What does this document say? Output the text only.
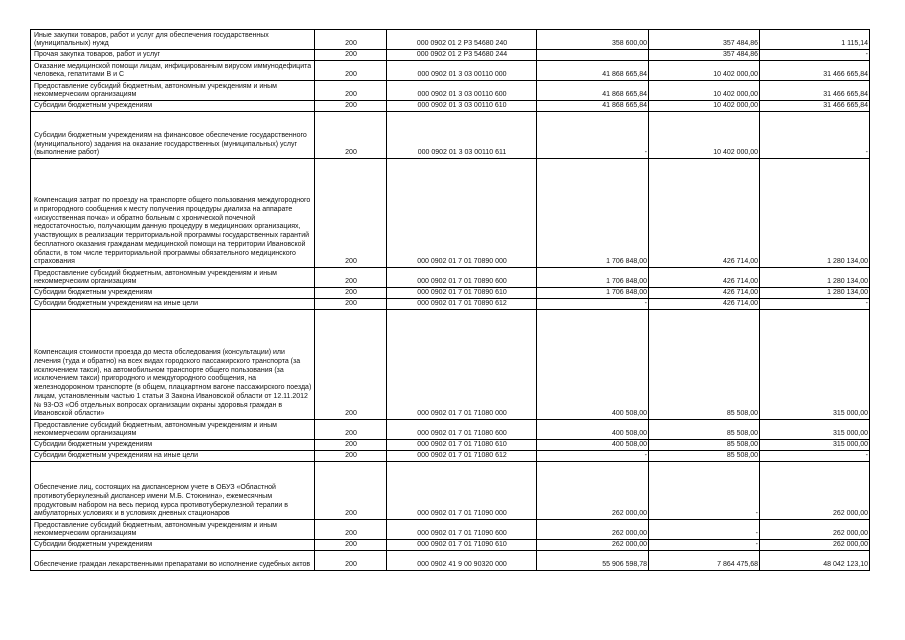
Иные закупки товаров, работ и услуг для обеспечения государственных (муниципальных) нужд	200	000 0902 01 2 P3 54680 240	358 600,00	357 484,86	1 115,14
Прочая закупка товаров, работ и услуг	200	000 0902 01 2 P3 54680 244		357 484,86	-
Оказание медицинской помощи лицам, инфицированным вирусом иммунодефицита человека, гепатитами B и C	200	000 0902 01 3 03 00110 000	41 868 665,84	10 402 000,00	31 466 665,84
Предоставление субсидий бюджетным, автономным учреждениям и иным некоммерческим организациям	200	000 0902 01 3 03 00110 600	41 868 665,84	10 402 000,00	31 466 665,84
Субсидии бюджетным учреждениям	200	000 0902 01 3 03 00110 610	41 868 665,84	10 402 000,00	31 466 665,84
Субсидии бюджетным учреждениям на финансовое обеспечение государственного (муниципального) задания на оказание государственных (муниципальных) услуг (выполнение работ)	200	000 0902 01 3 03 00110 611	-	10 402 000,00	-
Компенсация затрат по проезду на транспорте общего пользования междугородного и пригородного сообщения к месту получения процедуры диализа на аппарате «искусственная почка» и обратно больным с хронической почечной недостаточностью, получающим данную процедуру в медицинских организациях, участвующих в реализации территориальной программы государственных гарантий бесплатного оказания гражданам медицинской помощи на территории Ивановской области, в том числе территориальной программы обязательного медицинского страхования	200	000 0902 01 7 01 70890 000	1 706 848,00	426 714,00	1 280 134,00
Предоставление субсидий бюджетным, автономным учреждениям и иным некоммерческим организациям	200	000 0902 01 7 01 70890 600	1 706 848,00	426 714,00	1 280 134,00
Субсидии бюджетным учреждениям	200	000 0902 01 7 01 70890 610	1 706 848,00	426 714,00	1 280 134,00
Субсидии бюджетным учреждениям на иные цели	200	000 0902 01 7 01 70890 612	-	426 714,00	-
Компенсация стоимости проезда до места обследования (консультации) или лечения (туда и обратно) на всех видах городского пассажирского транспорта (за исключением такси), на автомобильном транспорте общего пользования (за исключением такси) пригородного и междугородного сообщения, на железнодорожном транспорте (в общем, плацкартном вагоне пассажирского поезда) лицам, установленным частью 1 статьи 3 Закона Ивановской области от 12.11.2012 № 93-ОЗ «Об отдельных вопросах организации охраны здоровья граждан в Ивановской области»	200	000 0902 01 7 01 71080 000	400 508,00	85 508,00	315 000,00
Предоставление субсидий бюджетным, автономным учреждениям и иным некоммерческим организациям	200	000 0902 01 7 01 71080 600	400 508,00	85 508,00	315 000,00
Субсидии бюджетным учреждениям	200	000 0902 01 7 01 71080 610	400 508,00	85 508,00	315 000,00
Субсидии бюджетным учреждениям на иные цели	200	000 0902 01 7 01 71080 612	-	85 508,00	-
Обеспечение лиц, состоящих на диспансерном учете в ОБУЗ «Областной противотуберкулезный диспансер имени М.Б. Стоюнина», ежемесячным продуктовым набором на весь период курса противотуберкулезной терапии в амбулаторных условиях и в условиях дневных стационаров	200	000 0902 01 7 01 71090 000	262 000,00	-	262 000,00
Предоставление субсидий бюджетным, автономным учреждениям и иным некоммерческим организациям	200	000 0902 01 7 01 71090 600	262 000,00	-	262 000,00
Субсидии бюджетным учреждениям	200	000 0902 01 7 01 71090 610	262 000,00	-	262 000,00
Обеспечение граждан лекарственными препаратами во исполнение судебных актов	200	000 0902 41 9 00 90320 000	55 906 598,78	7 864 475,68	48 042 123,10
